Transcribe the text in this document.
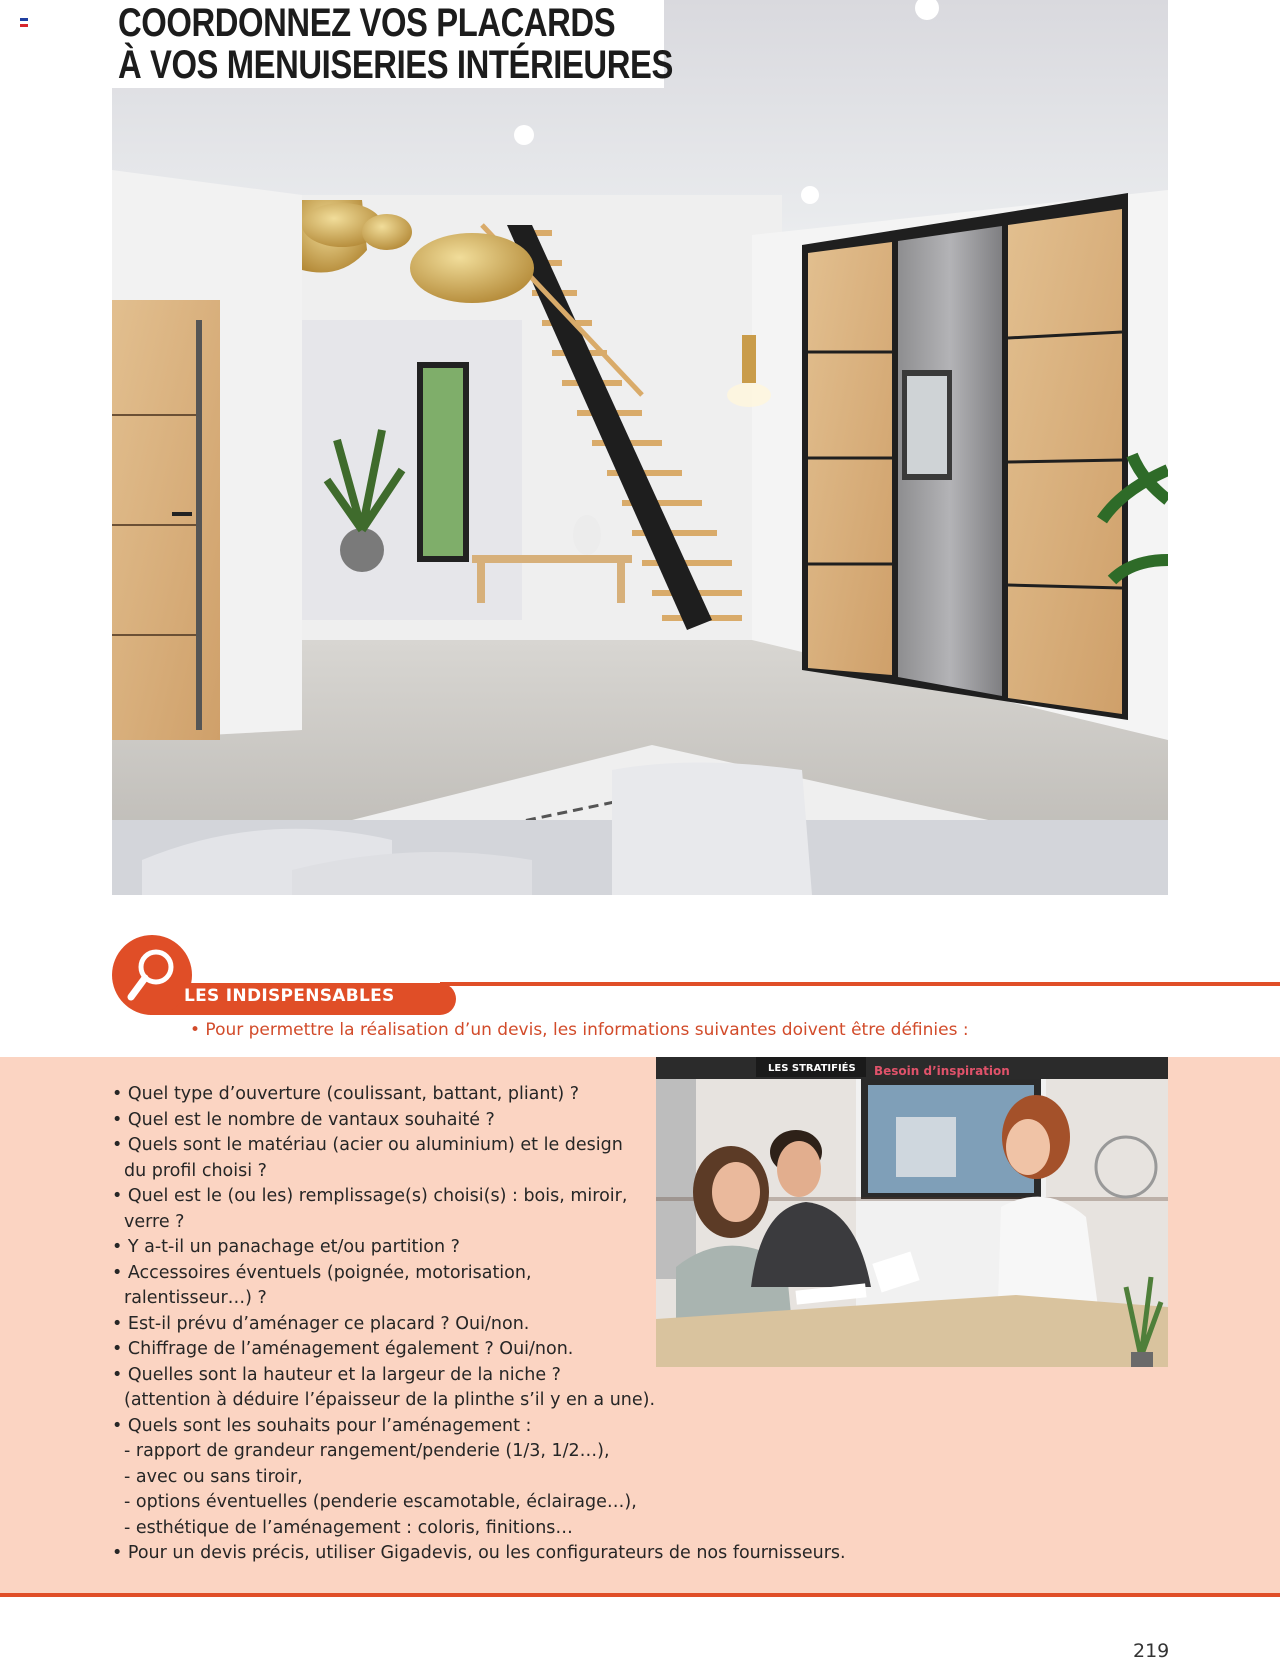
COORDONNEZ VOS PLACARDS
À VOS MENUISERIES INTÉRIEURES
LES INDISPENSABLES
• Pour permettre la réalisation d’un devis, les informations suivantes doivent être définies :
LES STRATIFIÉS Besoin d’inspiration
• Quel type d’ouverture (coulissant, battant, pliant) ?
• Quel est le nombre de vantaux souhaité ?
• Quels sont le matériau (acier ou aluminium) et le design
du profil choisi ?
• Quel est le (ou les) remplissage(s) choisi(s) : bois, miroir,
verre ?
• Y a-t-il un panachage et/ou partition ?
• Accessoires éventuels (poignée, motorisation,
ralentisseur…) ?
• Est-il prévu d’aménager ce placard ? Oui/non.
• Chiffrage de l’aménagement également ? Oui/non.
• Quelles sont la hauteur et la largeur de la niche ?
(attention à déduire l’épaisseur de la plinthe s’il y en a une).
• Quels sont les souhaits pour l’aménagement :
- rapport de grandeur rangement/penderie (1/3, 1/2…),
- avec ou sans tiroir,
- options éventuelles (penderie escamotable, éclairage…),
- esthétique de l’aménagement : coloris, finitions…
• Pour un devis précis, utiliser Gigadevis, ou les configurateurs de nos fournisseurs.
219
